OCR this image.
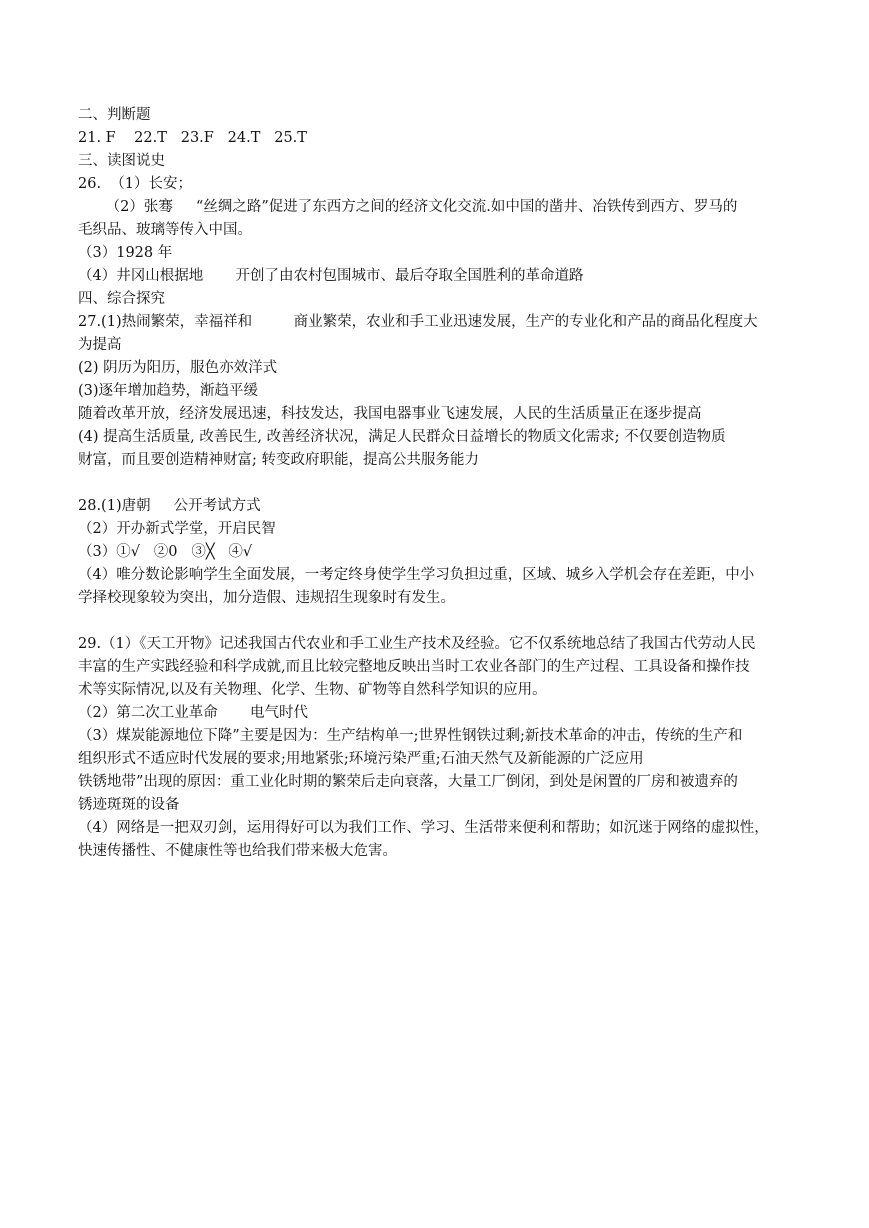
二、判断题
21. F    22.T   23.F   24.T   25.T
三、读图说史
26.  （1）长安；
（2）张骞     “丝绸之路”促进了东西方之间的经济文化交流.如中国的凿井、冶铁传到西方、罗马的
毛织品、玻璃等传入中国。
（3）1928 年
（4）井冈山根据地       开创了由农村包围城市、最后夺取全国胜利的革命道路
四、综合探究
27.(1)热闹繁荣，幸福祥和         商业繁荣，农业和手工业迅速发展，生产的专业化和产品的商品化程度大
为提高
(2) 阴历为阳历，服色亦效洋式
(3)逐年增加趋势，渐趋平缓
随着改革开放，经济发展迅速，科技发达，我国电器事业飞速发展，人民的生活质量正在逐步提高
(4) 提高生活质量, 改善民生, 改善经济状况，满足人民群众日益增长的物质文化需求; 不仅要创造物质
财富，而且要创造精神财富; 转变政府职能，提高公共服务能力
28.(1)唐朝     公开考试方式
（2）开办新式学堂，开启民智
（3）①√   ②0   ③╳   ④√
（4）唯分数论影响学生全面发展，一考定终身使学生学习负担过重，区域、城乡入学机会存在差距，中小
学择校现象较为突出，加分造假、违规招生现象时有发生。
29.（1）《天工开物》记述我国古代农业和手工业生产技术及经验。它不仅系统地总结了我国古代劳动人民
丰富的生产实践经验和科学成就,而且比较完整地反映出当时工农业各部门的生产过程、工具设备和操作技
术等实际情况,以及有关物理、化学、生物、矿物等自然科学知识的应用。
（2）第二次工业革命       电气时代
（3）煤炭能源地位下降”主要是因为：生产结构单一;世界性钢铁过剩;新技术革命的冲击，传统的生产和
组织形式不适应时代发展的要求;用地紧张;环境污染严重;石油天然气及新能源的广泛应用
铁锈地带”出现的原因：重工业化时期的繁荣后走向衰落，大量工厂倒闭，到处是闲置的厂房和被遗弃的
锈迹斑斑的设备
（4）网络是一把双刃剑，运用得好可以为我们工作、学习、生活带来便利和帮助；如沉迷于网络的虚拟性，
快速传播性、不健康性等也给我们带来极大危害。
